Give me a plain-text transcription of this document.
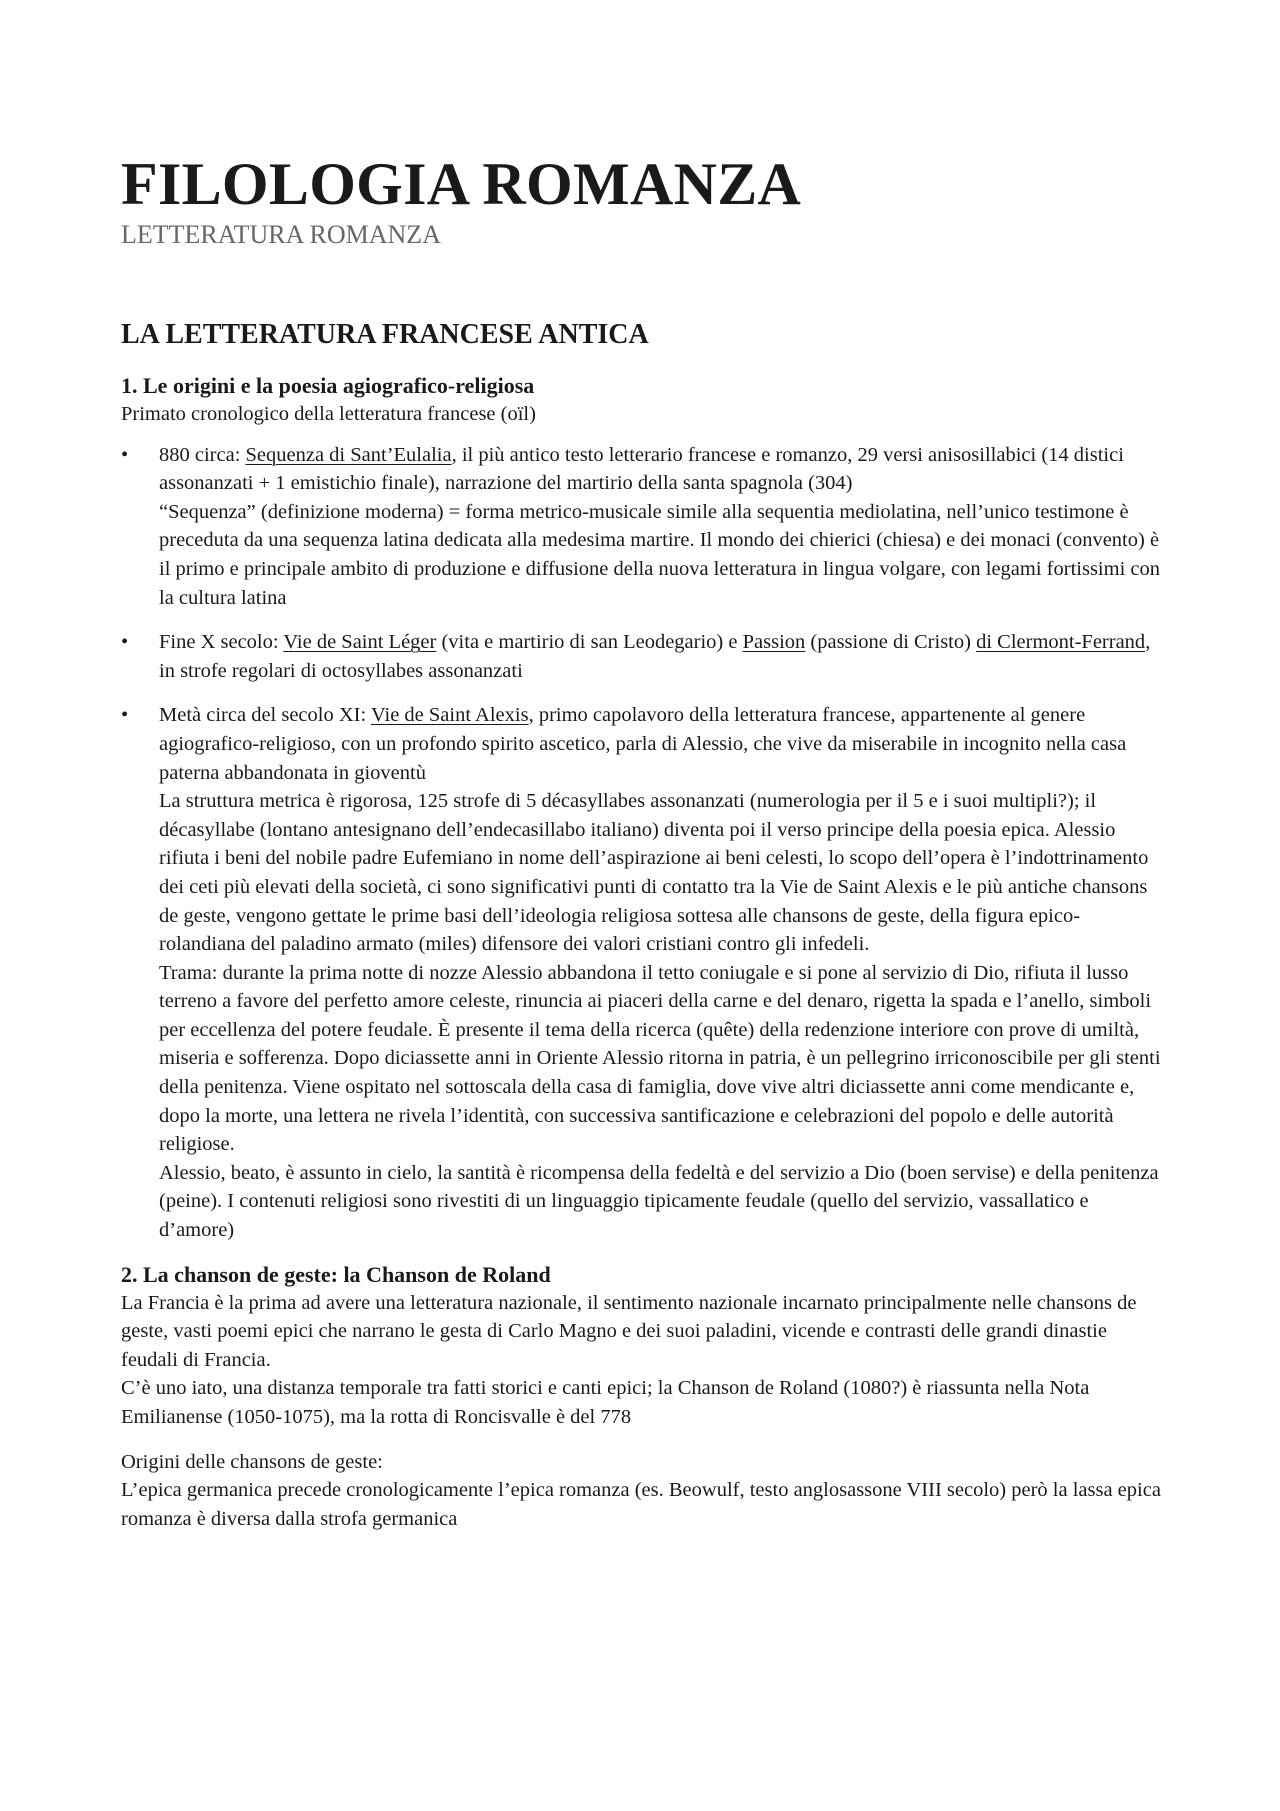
FILOLOGIA ROMANZA
LETTERATURA ROMANZA
LA LETTERATURA FRANCESE ANTICA
1. Le origini e la poesia agiografico-religiosa

Primato cronologico della letteratura francese (oïl)

• 880 circa: Sequenza di Sant’Eulalia, il più antico testo letterario francese e romanzo, 29 versi anisosillabici (14 distici assonanzati + 1 emistichio finale), narrazione del martirio della santa spagnola (304)
“Sequenza” (definizione moderna) = forma metrico-musicale simile alla sequentia mediolatina, nell’unico testimone è preceduta da una sequenza latina dedicata alla medesima martire. Il mondo dei chierici (chiesa) e dei monaci (convento) è il primo e principale ambito di produzione e diffusione della nuova letteratura in lingua volgare, con legami fortissimi con la cultura latina
• Fine X secolo: Vie de Saint Léger (vita e martirio di san Leodegario) e Passion (passione di Cristo) di Clermont-Ferrand, in strofe regolari di octosyllabes assonanzati
• Metà circa del secolo XI: Vie de Saint Alexis, primo capolavoro della letteratura francese, appartenente al genere agiografico-religioso, con un profondo spirito ascetico, parla di Alessio, che vive da miserabile in incognito nella casa paterna abbandonata in gioventù
La struttura metrica è rigorosa, 125 strofe di 5 décasyllabes assonanzati (numerologia per il 5 e i suoi multipli?); il décasyllabe (lontano antesignano dell’endecasillabo italiano) diventa poi il verso principe della poesia epica. Alessio rifiuta i beni del nobile padre Eufemiano in nome dell’aspirazione ai beni celesti, lo scopo dell’opera è l’indottrinamento dei ceti più elevati della società, ci sono significativi punti di contatto tra la Vie de Saint Alexis e le più antiche chansons de geste, vengono gettate le prime basi dell’ideologia religiosa sottesa alle chansons de geste, della figura epico-rolandiana del paladino armato (miles) difensore dei valori cristiani contro gli infedeli.
Trama: durante la prima notte di nozze Alessio abbandona il tetto coniugale e si pone al servizio di Dio, rifiuta il lusso terreno a favore del perfetto amore celeste, rinuncia ai piaceri della carne e del denaro, rigetta la spada e l’anello, simboli per eccellenza del potere feudale. È presente il tema della ricerca (quête) della redenzione interiore con prove di umiltà, miseria e sofferenza. Dopo diciassette anni in Oriente Alessio ritorna in patria, è un pellegrino irriconoscibile per gli stenti della penitenza. Viene ospitato nel sottoscala della casa di famiglia, dove vive altri diciassette anni come mendicante e, dopo la morte, una lettera ne rivela l’identità, con successiva santificazione e celebrazioni del popolo e delle autorità religiose.
Alessio, beato, è assunto in cielo, la santità è ricompensa della fedeltà e del servizio a Dio (boen servise) e della penitenza (peine). I contenuti religiosi sono rivestiti di un linguaggio tipicamente feudale (quello del servizio, vassallatico e d’amore)
2. La chanson de geste: la Chanson de Roland

La Francia è la prima ad avere una letteratura nazionale, il sentimento nazionale incarnato principalmente nelle chansons de geste, vasti poemi epici che narrano le gesta di Carlo Magno e dei suoi paladini, vicende e contrasti delle grandi dinastie feudali di Francia.

C’è uno iato, una distanza temporale tra fatti storici e canti epici; la Chanson de Roland (1080?) è riassunta nella Nota Emilianense (1050-1075), ma la rotta di Roncisvalle è del 778

Origini delle chansons de geste:

L’epica germanica precede cronologicamente l’epica romanza (es. Beowulf, testo anglosassone VIII secolo) però la lassa epica romanza è diversa dalla strofa germanica
